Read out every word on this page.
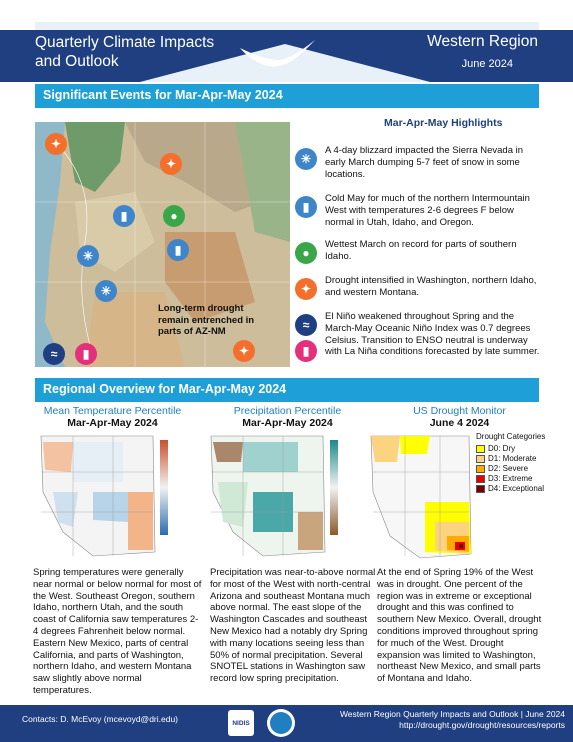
Quarterly Climate Impacts
and Outlook
Western Region
June 2024
Significant Events for Mar-Apr-May 2024
✦
✦
▮	●
▮
✳
✳
≈	▮	✦
Long-term drought remain entrenched in parts of AZ-NM
Mar-Apr-May Highlights
✳
A 4-day blizzard impacted the Sierra Nevada in early March dumping 5-7 feet of snow in some locations.
▮
Cold May for much of the northern Intermountain West with temperatures 2-6 degrees F below normal in Utah, Idaho, and Oregon.
●
Wettest March on record for parts of southern Idaho.
✦
Drought intensified in Washington, northern Idaho, and western Montana.
≈
▮
El Niño weakened throughout Spring and the March-May Oceanic Niño Index was 0.7 degrees Celsius. Transition to ENSO neutral is underway with La Niña conditions forecasted by late summer.
Regional Overview for Mar-Apr-May 2024
Mean Temperature Percentile
Mar-Apr-May 2024
Precipitation Percentile
Mar-Apr-May 2024
US Drought Monitor
June 4 2024
Drought Categories
D0: Dry
D1: Moderate
D2: Severe
D3: Extreme
D4: Exceptional
Spring temperatures were generally near normal or below normal for most of the West. Southeast Oregon, southern Idaho, northern Utah, and the south coast of California saw temperatures 2-4 degrees Fahrenheit below normal. Eastern New Mexico, parts of central California, and parts of Washington, northern Idaho, and western Montana saw slightly above normal temperatures.
Precipitation was near-to-above normal for most of the West with north-central Arizona and southeast Montana much above normal. The east slope of the Washington Cascades and southeast New Mexico had a notably dry Spring with many locations seeing less than 50% of normal precipitation. Several SNOTEL stations in Washington saw record low spring precipitation.
At the end of Spring 19% of the West was in drought. One percent of the region was in extreme or exceptional drought and this was confined to southern New Mexico. Overall, drought conditions improved throughout spring for much of the West. Drought expansion was limited to Washington, northeast New Mexico, and small parts of Montana and Idaho.
Contacts: D. McEvoy (mcevoyd@dri.edu)	NIDIS
Western Region Quarterly Impacts and Outlook | June 2024
http://drought.gov/drought/resources/reports
